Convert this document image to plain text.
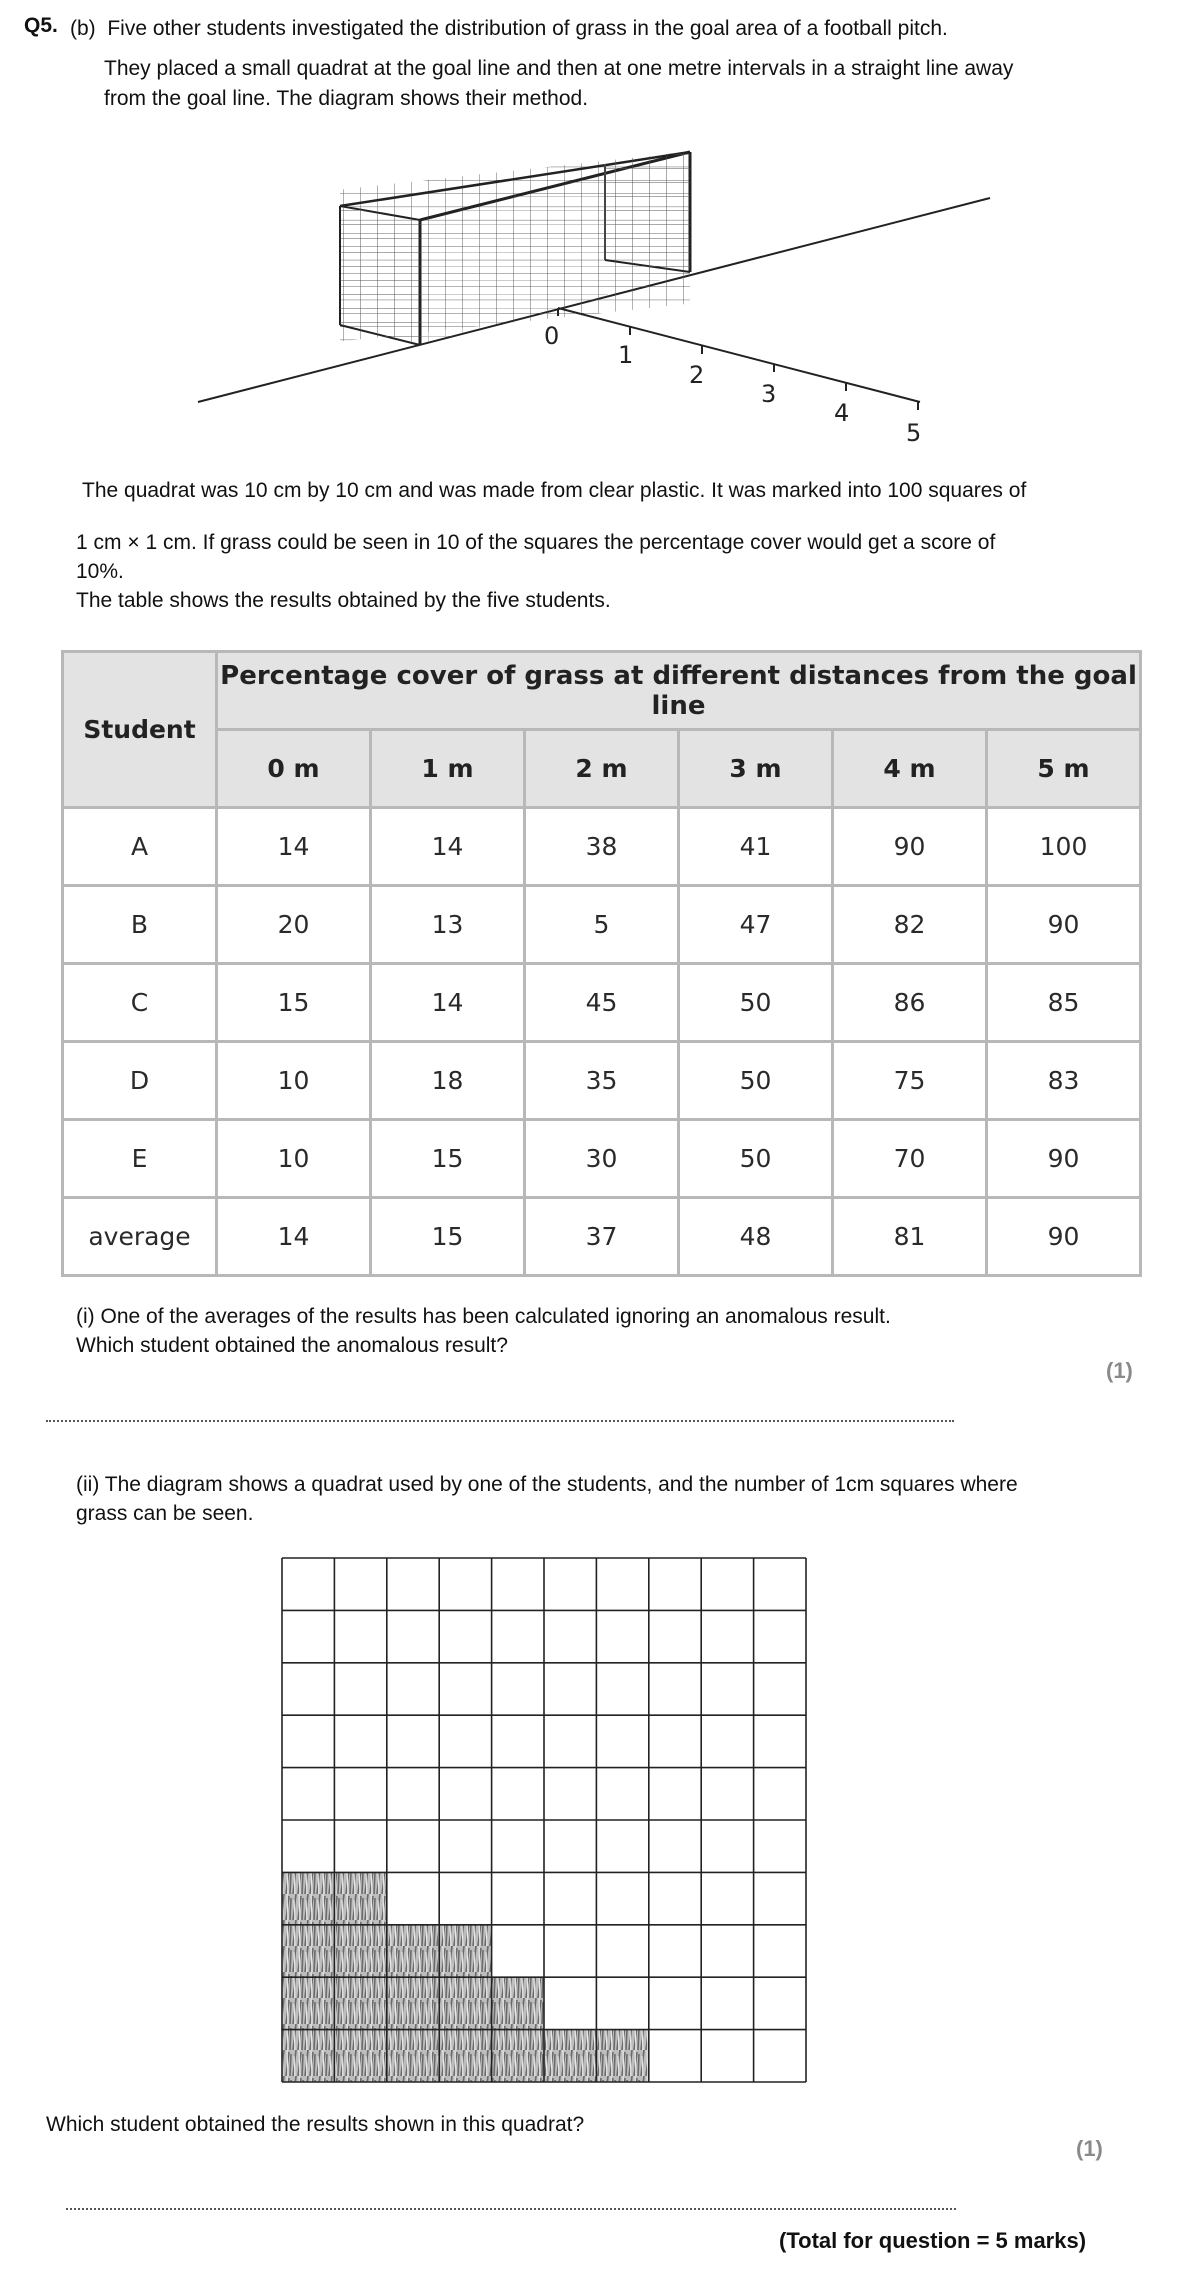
Q5. (b) Five other students investigated the distribution of grass in the goal area of a football pitch.
They placed a small quadrat at the goal line and then at one metre intervals in a straight line away
from the goal line. The diagram shows their method.
0
1
2
3
4
5
The quadrat was 10 cm by 10 cm and was made from clear plastic. It was marked into 100 squares of
1 cm × 1 cm. If grass could be seen in 10 of the squares the percentage cover would get a score of
10%.
The table shows the results obtained by the five students.
Student	Percentage cover of grass at different distances from the goal line					
	0 m	1 m	2 m	3 m	4 m	5 m
A	14	14	38	41	90	100
B	20	13	5	47	82	90
C	15	14	45	50	86	85
D	10	18	35	50	75	83
E	10	15	30	50	70	90
average	14	15	37	48	81	90
(i) One of the averages of the results has been calculated ignoring an anomalous result.
Which student obtained the anomalous result?
(1)
(ii) The diagram shows a quadrat used by one of the students, and the number of 1cm squares where
grass can be seen.
Which student obtained the results shown in this quadrat?
(1)
(Total for question = 5 marks)
